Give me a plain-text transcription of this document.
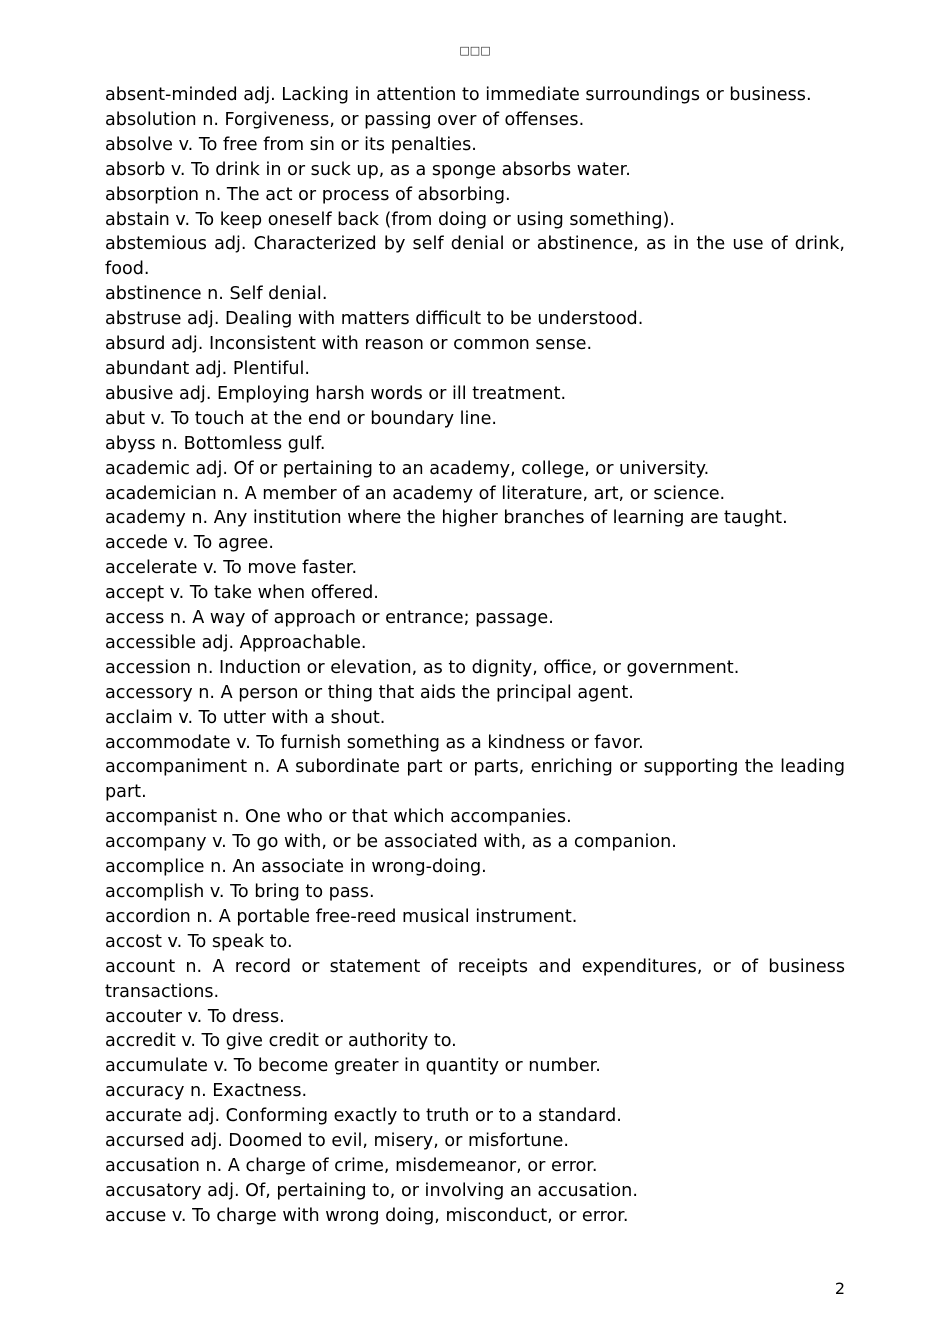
□□□

absent-minded adj. Lacking in attention to immediate surroundings or business.

absolution n. Forgiveness, or passing over of offenses.

absolve v. To free from sin or its penalties.

absorb v. To drink in or suck up, as a sponge absorbs water.

absorption n. The act or process of absorbing.

abstain v. To keep oneself back (from doing or using something).

abstemious adj. Characterized by self denial or abstinence, as in the use of drink, food.

abstinence n. Self denial.

abstruse adj. Dealing with matters difficult to be understood.

absurd adj. Inconsistent with reason or common sense.

abundant adj. Plentiful.

abusive adj. Employing harsh words or ill treatment.

abut v. To touch at the end or boundary line.

abyss n. Bottomless gulf.

academic adj. Of or pertaining to an academy, college, or university.

academician n. A member of an academy of literature, art, or science.

academy n. Any institution where the higher branches of learning are taught.

accede v. To agree.

accelerate v. To move faster.

accept v. To take when offered.

access n. A way of approach or entrance; passage.

accessible adj. Approachable.

accession n. Induction or elevation, as to dignity, office, or government.

accessory n. A person or thing that aids the principal agent.

acclaim v. To utter with a shout.

accommodate v. To furnish something as a kindness or favor.

accompaniment n. A subordinate part or parts, enriching or supporting the leading part.

accompanist n. One who or that which accompanies.

accompany v. To go with, or be associated with, as a companion.

accomplice n. An associate in wrong-doing.

accomplish v. To bring to pass.

accordion n. A portable free-reed musical instrument.

accost v. To speak to.

account n. A record or statement of receipts and expenditures, or of business transactions.

accouter v. To dress.

accredit v. To give credit or authority to.

accumulate v. To become greater in quantity or number.

accuracy n. Exactness.

accurate adj. Conforming exactly to truth or to a standard.

accursed adj. Doomed to evil, misery, or misfortune.

accusation n. A charge of crime, misdemeanor, or error.

accusatory adj. Of, pertaining to, or involving an accusation.

accuse v. To charge with wrong doing, misconduct, or error.

2
